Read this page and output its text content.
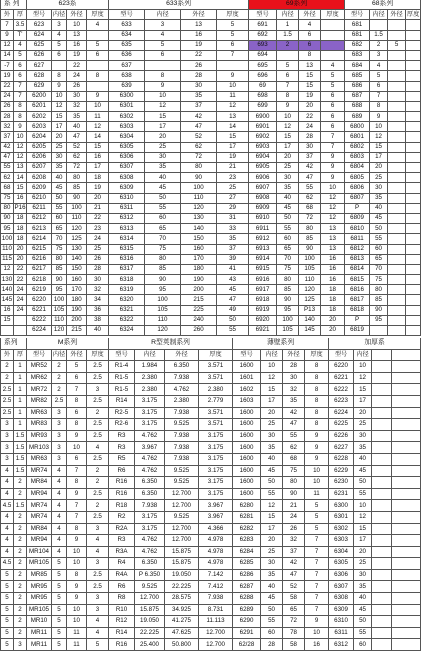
系 列		623系				633系列				69系列				68系列			
外	厚	型号	内径	外径	厚度	型号	内径	外径	厚度	型号	内径	外径	厚度	型号	内径	外径	厚度
7	3.5	623	3	10	4	633	3	13	5	691	1	4		681			
9	T'	624	4	13		634	4	16	5	692	1.5	6		681	1.5		
12	4	625	5	16	5	635	5	19	6	693	2	6		682	2	5	
14	5	626	6	19	6	636	6	22	7	694		8		683	3		
-7	6	627		22		637		26		695	5	13	4	684	4		
19	6	628	8	24	8	638	8	28	9	696	6	15	5	685	5		
22	7	629	9	26		639	9	30	10	69	7	15	5	686	6		
24	7	6200	10	30	9	6300	10	35	11	698	8	19	6	687	7		
26	8	6201	12	32	10	6301	12	37	12	699	9	20	6	688	8		
28	8	6202	15	35	11	6302	15	42	13	6900	10	22	6	689	9		
32	9	6203	17	40	12	6303	17	47	14	6901	12	24	6	6800	10		
37	10	6204	20	47	14	6304	20	52	15	6902	15	28	7	6801	12		
42	12	6205	25	52	15	6305	25	62	17	6903	17	30	7	6802	15		
47	12	6206	30	62	16	6306	30	72	19	6904	20	37	9	6803	17		
55	13	6207	35	72	17	6307	35	80	21	6905	25	42	9	6804	20		
62	14	6208	40	80	18	6308	40	90	23	6906	30	47	9	6805	25		
68	15	6209	45	85	19	6309	45	100	25	6907	35	55	10	6806	30		
75	16	6210	50	90	20	6310	50	110	27	6908	40	62	12	6807	35		
80	P16	6211	55	100	21	6311	55	120	29	6909	45	68	12	P	40		
90	18	6212	60	110	22	6312	60	130	31	6910	50	72	12	6809	45		
95	18	6213	65	120	23	6313	65	140	33	6911	55	80	13	6810	50		
100	18	6214	70	125	24	6314	70	150	35	6912	60	85	13	6811	55		
110	20	6215	75	130	25	6315	75	160	37	6913	65	90	13	6812	60		
115	20	6216	80	140	26	6316	80	170	39	6914	70	100	16	6813	65		
12	22	6217	85	150	28	6317	85	180	41	6915	75	105	16	6814	70		
130	22	6218	90	160	30	6318	90	190	43	6916	80	110	16	6815	75		
140	24	6219	95	170	32	6319	95	200	45	6917	85	120	18	6816	80		
145	24	6220	100	180	34	6320	100	215	47	6918	90	125	18	6817	85		
16	24	6221	105	190	36	6321	105	225	49	6919	95	P13	18	6818	90		
15		6222	110	200	38	6322	110	240	50	6920	100	140	20	P	95		
		6224	120	215	40	6324	120	260	55	6921	105	145	20	6819			
系列		M系列				R型英制系列				薄壁系列				加厚系			
外	厚	型号	内径	外径	厚度	型号	内径	外径	厚度	型号	内径	外径	厚度	型号	内径		
2	1	MR52	2	5	2.5	R1-4	1.984	6.350	3.571	1600	10	28	8	6220	10		
2	1	MR62	2	6	2.5	R1-5	2.380	7.938	3.571	1601	12	30	8	6221	12		
2.5	1	MR72	2	7	3	R1-5	2.380	4.762	2.380	1602	15	32	8	6222	15		
2.5	1	MR82	2.5	8	2.5	R14	3.175	2.380	2.779	1603	17	35	8	6223	17		
2.5	1	MR63	3	6	2	R2-5	3.175	7.938	3.571	1600	20	42	8	6224	20		
3	1	MR83	3	8	2.5	R2-6	3.175	9.525	3.571	1600	25	47	8	6225	25		
3	1.5	MR93	3	9	2.5	R3	4.762	7.938	3.175	1600	30	55	9	6226	30		
3	1.5	MR103	3	10	4	R3	3.967	7.938	3.175	1600	35	62	9	6227	35		
3	1.5	MR63	3	6	2.5	R5	4.762	7.938	3.175	1600	40	68	9	6228	40		
4	1.5	MR74	4	7	2	R6	4.762	9.525	3.175	1600	45	75	10	6229	45		
4	2	MR84	4	8	2	R16	6.350	9.525	3.175	1600	50	80	10	6230	50		
4	2	MR94	4	9	2.5	R16	6.350	12.700	3.175	1600	55	90	11	6231	55		
4.5	1.5	MR74	4	7	2	R18	7.938	12.700	3.967	6280	12	21	5	6300	10		
4	2	MR74	4	7	2.5	R2	3.175	9.525	3.967	6281	15	24	5	6301	12		
4	2	MR84	4	8	3	R2A	3.175	12.700	4.366	6282	17	26	5	6302	15		
4	2	MR94	4	9	4	R3	4.762	12.700	4.978	6283	20	32	7	6303	17		
4	2	MR104	4	10	4	R3A	4.762	15.875	4.978	6284	25	37	7	6304	20		
4.5	2	MR105	5	10	3	R4	6.350	15.875	4.978	6285	30	42	7	6305	25		
5	2	MR85	5	8	2.5	R4A	P 6.350	19.050	7.142	6286	35	47	7	6306	30		
5	2	MR95	5	9	2.5	R6	9.525	22.225	7.412	6287	40	52	7	6307	35		
5	2	MR95	5	9	3	R8	12.700	28.575	7.938	6288	45	58	7	6308	40		
5	2	MR105	5	10	3	R10	15.875	34.925	8.731	6289	50	65	7	6309	45		
5	2	MR10	5	10	4	R12	19.050	41.275	11.113	6290	55	72	9	6310	50		
5	2	MR11	5	11	4	R14	22.225	47.625	12.700	6291	60	78	10	6311	55		
5	3	MR11	5	11	5	R16	25.400	50.800	12.700	62/28	28	58	16	6312	60		
